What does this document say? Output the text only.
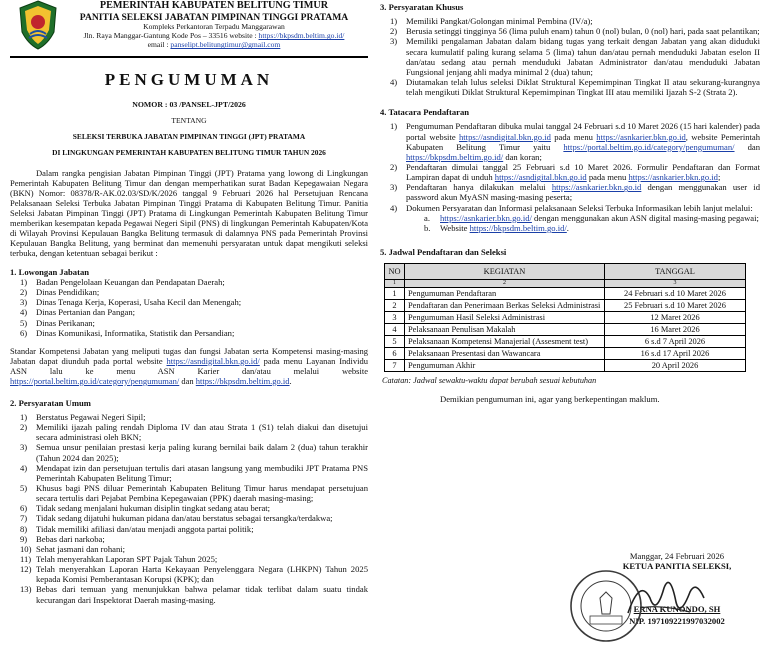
PEMERINTAH KABUPATEN BELITUNG TIMUR
PANITIA SELEKSI JABATAN PIMPINAN TINGGI PRATAMA
Kompleks Perkantoran Terpadu Manggarawan
Jln. Raya Manggar-Gantung Kode Pos – 33516 website : https://bkpsdm.beltim.go.id/
email : panselipt.belitungtimur@gmail.com
PENGUMUMAN
NOMOR : 03 /PANSEL-JPT/2026
TENTANG
SELEKSI TERBUKA JABATAN PIMPINAN TINGGI (JPT) PRATAMA
DI LINGKUNGAN PEMERINTAH KABUPATEN BELITUNG TIMUR TAHUN 2026

Dalam rangka pengisian Jabatan Pimpinan Tinggi (JPT) Pratama yang lowong di Lingkungan Pemerintah Kabupaten Belitung Timur dan dengan memperhatikan surat Badan Kepegawaian Negara (BKN) Nomor: 08378/R-AK.02.03/SD/K/2026 tanggal 9 Februari 2026 hal Persetujuan Rencana Pelaksanaan Seleksi Terbuka Jabatan Pimpinan Tinggi Pratama di Kabupaten Belitung Timur. Panitia Seleksi Jabatan Pimpinan Tinggi (JPT) Pratama di Lingkungan Pemerintah Kabupaten Belitung Timur memberikan kesempatan kepada Pegawai Negeri Sipil (PNS) di lingkungan Pemerintah Kabupaten/Kota di Wilayah Provinsi Kepulauan Bangka Belitung termasuk di dalamnya PNS pada Pemerintah Provinsi Kepulauan Bangka Belitung, yang berminat dan memenuhi persyaratan untuk dapat mengikuti seleksi terbuka, dengan ketentuan sebagai berikut :

1. Lowongan Jabatan
1) Badan Pengelolaan Keuangan dan Pendapatan Daerah;
2) Dinas Pendidikan;
3) Dinas Tenaga Kerja, Koperasi, Usaha Kecil dan Menengah;
4) Dinas Pertanian dan Pangan;
5) Dinas Perikanan;
6) Dinas Komunikasi, Informatika, Statistik dan Persandian;

Standar Kompetensi Jabatan yang meliputi tugas dan fungsi Jabatan serta Kompetensi masing-masing Jabatan dapat diunduh pada portal website https://asndigital.bkn.go.id/ pada menu Layanan Individu ASN lalu ke menu ASN Karier dan/atau melalui website https://portal.beltim.go.id/category/pengumuman/ dan https://bkpsdm.beltim.go.id.

2. Persyaratan Umum
1) Berstatus Pegawai Negeri Sipil;
2) Memiliki ijazah paling rendah Diploma IV dan atau Strata 1 (S1) telah diakui dan disetujui secara administrasi oleh BKN;
3) Semua unsur penilaian prestasi kerja paling kurang bernilai baik dalam 2 (dua) tahun terakhir (Tahun 2024 dan 2025);
4) Mendapat izin dan persetujuan tertulis dari atasan langsung yang membudiki JPT Pratama PNS Pemerintah Kabupaten Belitung Timur;
5) Khusus bagi PNS diluar Pemerintah Kabupaten Belitung Timur harus mendapat persetujuan secara tertulis dari Pejabat Pembina Kepegawaian (PPK) daerah masing-masing;
6) Tidak sedang menjalani hukuman disiplin tingkat sedang atau berat;
7) Tidak sedang dijatuhi hukuman pidana dan/atau berstatus sebagai tersangka/terdakwa;
8) Tidak memiliki afiliasi dan/atau menjadi anggota partai politik;
9) Bebas dari narkoba;
10) Sehat jasmani dan rohani;
11) Telah menyerahkan Laporan SPT Pajak Tahun 2025;
12) Telah menyerahkan Laporan Harta Kekayaan Penyelenggara Negara (LHKPN) Tahun 2025 kepada Komisi Pemberantasan Korupsi (KPK); dan
13) Bebas dari temuan yang menunjukkan bahwa pelamar tidak terlibat dalam suatu tindak kecurangan dari Inspektorat Daerah masing-masing.
3. Persyaratan Khusus
1) Memiliki Pangkat/Golongan minimal Pembina (IV/a);
2) Berusia setinggi tingginya 56 (lima puluh enam) tahun 0 (nol) bulan, 0 (nol) hari, pada saat pelantikan;
3) Memiliki pengalaman Jabatan dalam bidang tugas yang terkait dengan Jabatan yang akan diduduki secara kumulatif paling kurang selama 5 (lima) tahun dan/atau pernah menduduki Jabatan eselon II dan/atau sedang atau pernah menduduki Jabatan Administrator dan/atau menduduki Jabatan Fungsional jenjang ahli madya minimal 2 (dua) tahun;
4) Diutamakan telah lulus seleksi Diklat Struktural Kepemimpinan Tingkat II atau sekurang-kurangnya telah mengikuti Diklat Struktural Kepemimpinan Tingkat III atau memiliki Ijazah S-2 (Strata 2).
4. Tatacara Pendaftaran
1) Pengumuman Pendaftaran dibuka mulai tanggal 24 Februari s.d 10 Maret 2026 (15 hari kalender) pada portal website https://asndigital.bkn.go.id pada menu https://asnkarier.bkn.go.id, website Pemerintah Kabupaten Belitung Timur yaitu https://portal.beltim.go.id/category/pengumuman/ dan https://bkpsdm.beltim.go.id/ dan koran;
2) Pendaftaran dimulai tanggal 25 Februari s.d 10 Maret 2026. Formulir Pendaftaran dan Format Lampiran dapat di unduh https://asndigital.bkn.go.id pada menu https://asnkarier.bkn.go.id;
3) Pendaftaran hanya dilakukan melalui https://asnkarier.bkn.go.id dengan menggunakan user id password akun MyASN masing-masing peserta;
4) Dokumen Persyaratan dan Informasi pelaksanaan Seleksi Terbuka Informasikan lebih lanjut melalui:
a. https://asnkarier.bkn.go.id/ dengan menggunakan akun ASN digital masing-masing pegawai;
b. Website https://bkpsdm.beltim.go.id/.
5. Jadwal Pendaftaran dan Seleksi
NO	KEGIATAN	TANGGAL
1	2	3
1	Pengumuman Pendaftaran	24 Februari s.d 10 Maret 2026
2	Pendaftaran dan Penerimaan Berkas Seleksi Administrasi	25 Februari s.d 10 Maret 2026
3	Pengumuman Hasil Seleksi Administrasi	12 Maret 2026
4	Pelaksanaan Penulisan Makalah	16 Maret 2026
5	Pelaksanaan Kompetensi Manajerial (Assesment test)	6 s.d 7 April 2026
6	Pelaksanaan Presentasi dan Wawancara	16 s.d 17 April 2026
7	Pengumuman Akhir	20 April 2026
Catatan: Jadwal sewaktu-waktu dapat berubah sesuai kebutuhan
Demikian pengumuman ini, agar yang berkepentingan maklum.
Manggar, 24 Februari 2026
KETUA PANITIA SELEKSI,
ERNA KUNONDO, SH
NIP. 197109221997032002
